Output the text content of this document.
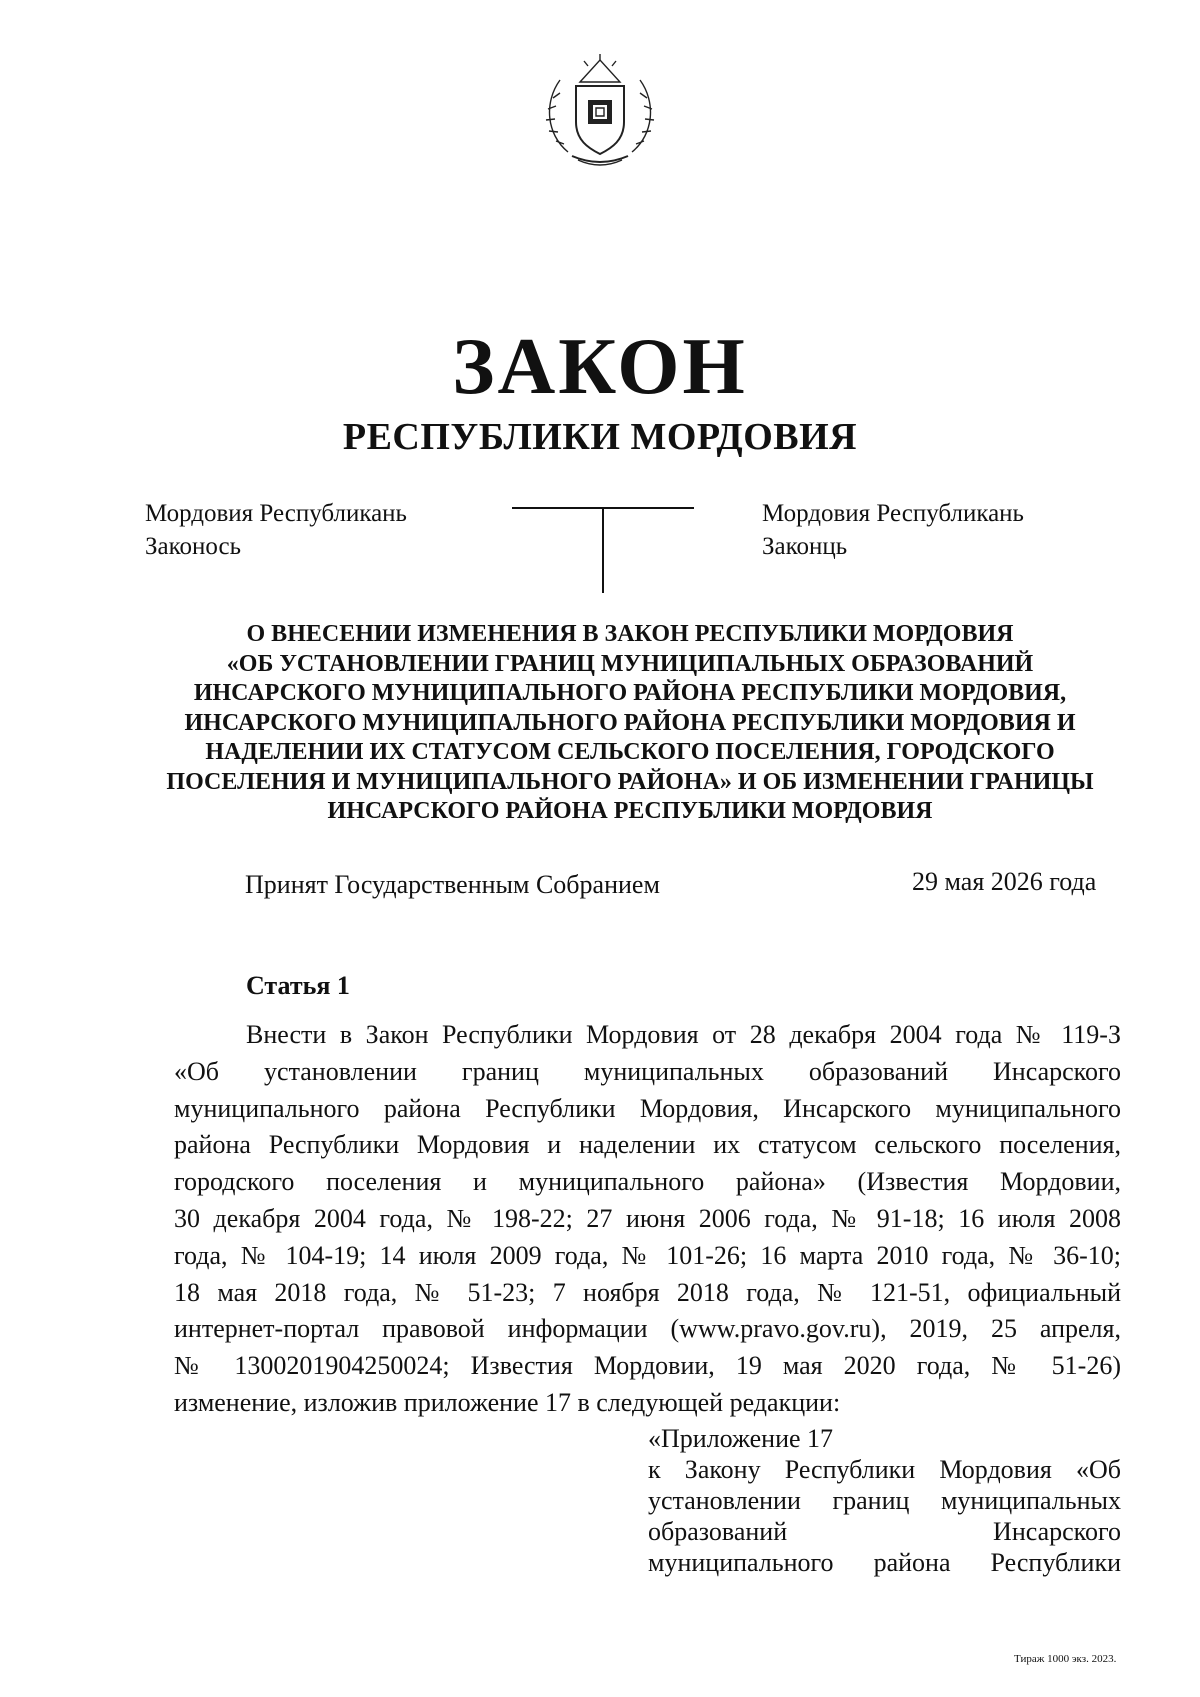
ЗАКОН
РЕСПУБЛИКИ МОРДОВИЯ
Мордовия Республикань
Законось
Мордовия Республикань
Законць
О ВНЕСЕНИИ ИЗМЕНЕНИЯ В ЗАКОН РЕСПУБЛИКИ МОРДОВИЯ
«ОБ УСТАНОВЛЕНИИ ГРАНИЦ МУНИЦИПАЛЬНЫХ ОБРАЗОВАНИЙ
ИНСАРСКОГО МУНИЦИПАЛЬНОГО РАЙОНА РЕСПУБЛИКИ МОРДОВИЯ,
ИНСАРСКОГО МУНИЦИПАЛЬНОГО РАЙОНА РЕСПУБЛИКИ МОРДОВИЯ И
НАДЕЛЕНИИ ИХ СТАТУСОМ СЕЛЬСКОГО ПОСЕЛЕНИЯ, ГОРОДСКОГО
ПОСЕЛЕНИЯ И МУНИЦИПАЛЬНОГО РАЙОНА» И ОБ ИЗМЕНЕНИИ ГРАНИЦЫ
ИНСАРСКОГО РАЙОНА РЕСПУБЛИКИ МОРДОВИЯ
Принят Государственным Собранием	29 мая 2026 года
Статья 1
Внести в Закон Республики Мордовия от 28 декабря 2004 года № 119-З
«Об установлении границ муниципальных образований Инсарского
муниципального района Республики Мордовия, Инсарского муниципального
района Республики Мордовия и наделении их статусом сельского поселения,
городского поселения и муниципального района» (Известия Мордовии,
30 декабря 2004 года, № 198-22; 27 июня 2006 года, № 91-18; 16 июля 2008
года, № 104-19; 14 июля 2009 года, № 101-26; 16 марта 2010 года, № 36-10;
18 мая 2018 года, № 51-23; 7 ноября 2018 года, № 121-51, официальный
интернет-портал правовой информации (www.pravo.gov.ru), 2019, 25 апреля,
№ 1300201904250024; Известия Мордовии, 19 мая 2020 года, № 51-26)
изменение, изложив приложение 17 в следующей редакции:
«Приложение 17
к Закону Республики Мордовия «Об
установлении границ муниципальных
образований Инсарского
муниципального района Республики
Тираж 1000 экз. 2023.
